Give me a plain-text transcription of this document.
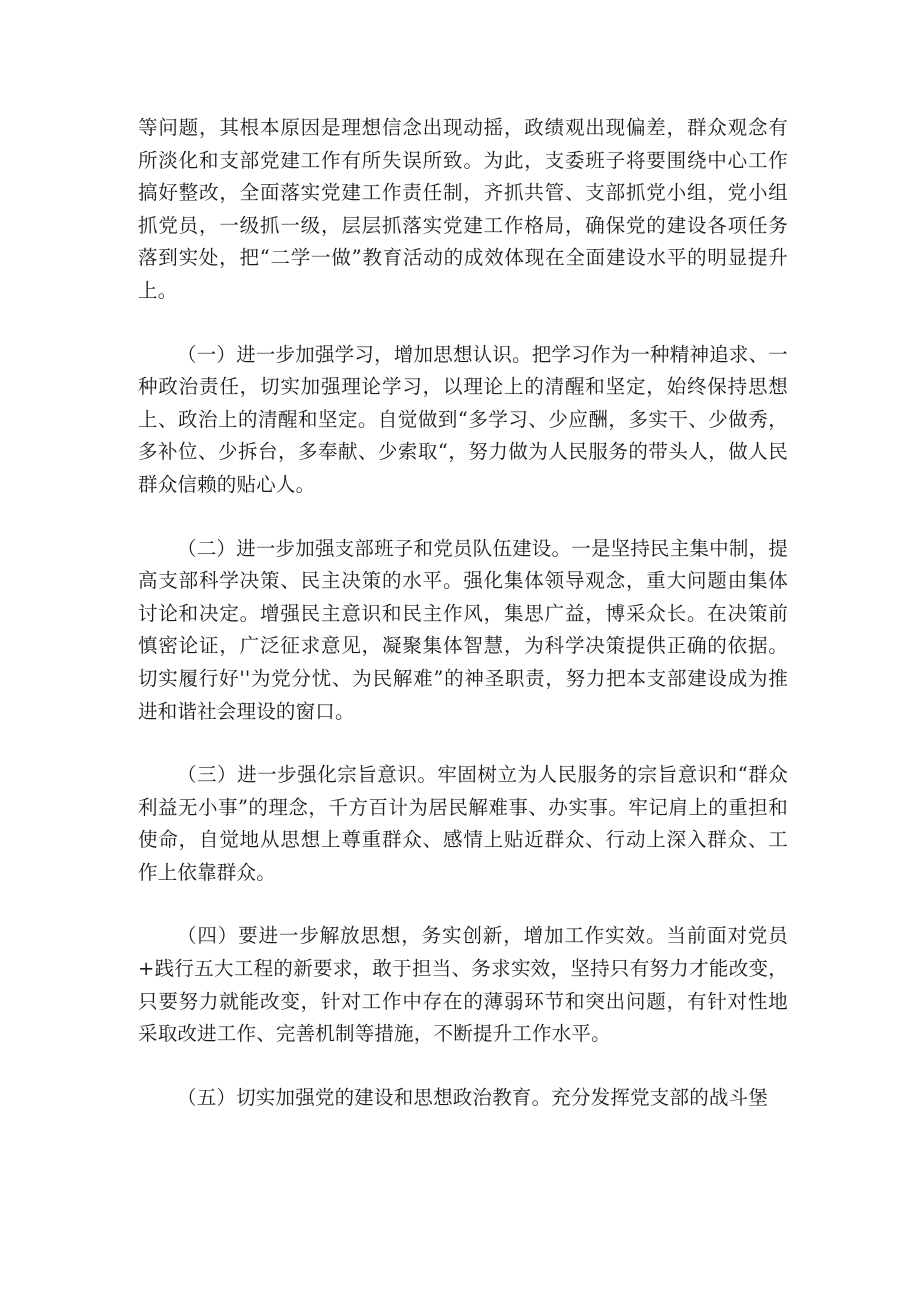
等问题，其根本原因是理想信念出现动摇，政绩观出现偏差，群众观念有所淡化和支部党建工作有所失误所致。为此，支委班子将要围绕中心工作搞好整改，全面落实党建工作责任制，齐抓共管、支部抓党小组，党小组抓党员，一级抓一级，层层抓落实党建工作格局，确保党的建设各项任务落到实处，把“二学一做”教育活动的成效体现在全面建设水平的明显提升上。

（一）进一步加强学习，增加思想认识。把学习作为一种精神追求、一种政治责任，切实加强理论学习，以理论上的清醒和坚定，始终保持思想上、政治上的清醒和坚定。自觉做到“多学习、少应酬，多实干、少做秀，多补位、少拆台，多奉献、少索取“，努力做为人民服务的带头人，做人民群众信赖的贴心人。

（二）进一步加强支部班子和党员队伍建设。一是坚持民主集中制，提高支部科学决策、民主决策的水平。强化集体领导观念，重大问题由集体讨论和决定。增强民主意识和民主作风，集思广益，博采众长。在决策前慎密论证，广泛征求意见，凝聚集体智慧，为科学决策提供正确的依据。切实履行好''为党分忧、为民解难”的神圣职责，努力把本支部建设成为推进和谐社会理设的窗口。

（三）进一步强化宗旨意识。牢固树立为人民服务的宗旨意识和“群众利益无小事”的理念，千方百计为居民解难事、办实事。牢记肩上的重担和使命，自觉地从思想上尊重群众、感情上贴近群众、行动上深入群众、工作上依靠群众。

（四）要进一步解放思想，务实创新，增加工作实效。当前面对党员+践行五大工程的新要求，敢于担当、务求实效，坚持只有努力才能改变，只要努力就能改变，针对工作中存在的薄弱环节和突出问题，有针对性地采取改进工作、完善机制等措施，不断提升工作水平。

（五）切实加强党的建设和思想政治教育。充分发挥党支部的战斗堡
